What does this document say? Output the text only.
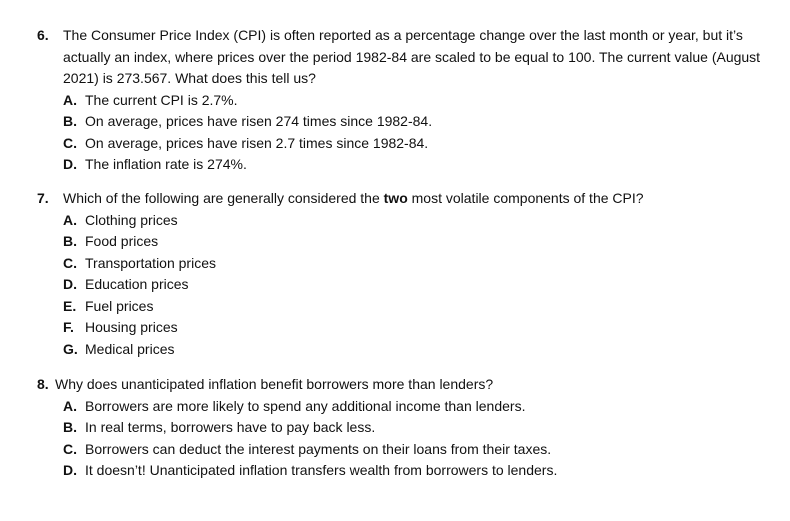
6.	The Consumer Price Index (CPI) is often reported as a percentage change over the last month or year, but it’s actually an index, where prices over the period 1982-84 are scaled to be equal to 100. The current value (August 2021) is 273.567. What does this tell us?
A. The current CPI is 2.7%.
B. On average, prices have risen 274 times since 1982-84.
C. On average, prices have risen 2.7 times since 1982-84.
D. The inflation rate is 274%.
7.	Which of the following are generally considered the two most volatile components of the CPI?
A. Clothing prices
B. Food prices
C. Transportation prices
D. Education prices
E. Fuel prices
F. Housing prices
G. Medical prices
8. Why does unanticipated inflation benefit borrowers more than lenders?
A. Borrowers are more likely to spend any additional income than lenders.
B. In real terms, borrowers have to pay back less.
C. Borrowers can deduct the interest payments on their loans from their taxes.
D. It doesn’t! Unanticipated inflation transfers wealth from borrowers to lenders.
